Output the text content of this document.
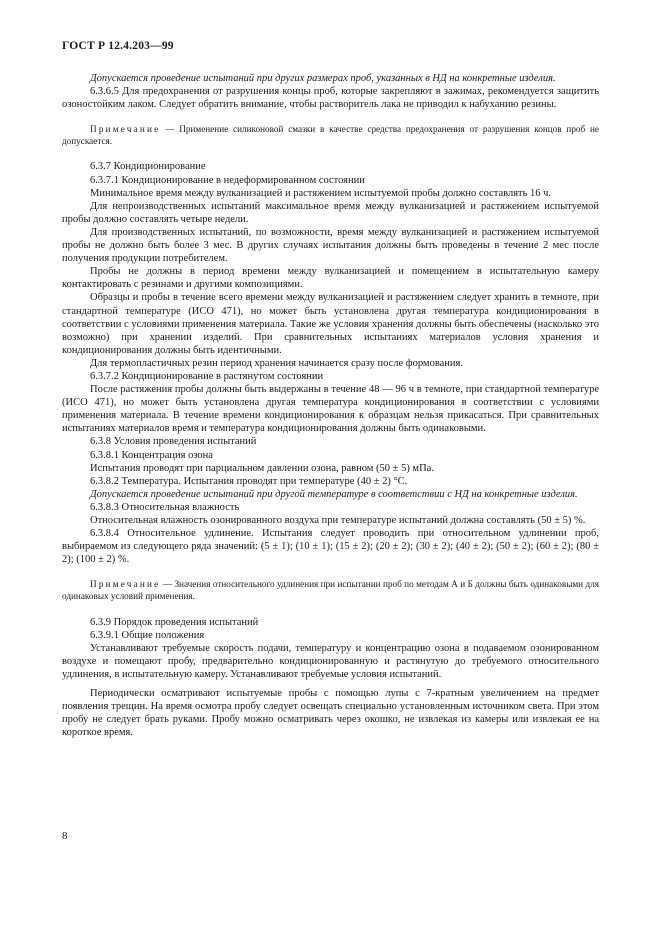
ГОСТ Р 12.4.203—99

Допускается проведение испытаний при других размерах проб, указанных в НД на конкретные изделия.

6.3.6.5 Для предохранения от разрушения концы проб, которые закрепляют в зажимах, рекомендуется защитить озоностойким лаком. Следует обратить внимание, чтобы растворитель лака не приводил к набуханию резины.

Примечание — Применение силиконовой смазки в качестве средства предохранения от разрушения концов проб не допускается.

6.3.7 Кондиционирование

6.3.7.1 Кондиционирование в недеформированном состоянии

Минимальное время между вулканизацией и растяжением испытуемой пробы должно составлять 16 ч.

Для непроизводственных испытаний максимальное время между вулканизацией и растяжением испытуемой пробы должно составлять четыре недели.

Для производственных испытаний, по возможности, время между вулканизацией и растяжением испытуемой пробы не должно быть более 3 мес. В других случаях испытания должны быть проведены в течение 2 мес после получения продукции потребителем.

Пробы не должны в период времени между вулканизацией и помещением в испытательную камеру контактировать с резинами и другими композициями.

Образцы и пробы в течение всего времени между вулканизацией и растяжением следует хранить в темноте, при стандартной температуре (ИСО 471), но может быть установлена другая температура кондиционирования в соответствии с условиями применения материала. Такие же условия хранения должны быть обеспечены (насколько это возможно) при хранении изделий. При сравнительных испытаниях материалов условия хранения и кондиционирования должны быть идентичными.

Для термопластичных резин период хранения начинается сразу после формования.

6.3.7.2 Кондиционирование в растянутом состоянии

После растяжения пробы должны быть выдержаны в течение 48 — 96 ч в темноте, при стандартной температуре (ИСО 471), но может быть установлена другая температура кондиционирования в соответствии с условиями применения материала. В течение времени кондиционирования к образцам нельзя прикасаться. При сравнительных испытаниях материалов время и температура кондиционирования должны быть одинаковыми.

6.3.8 Условия проведения испытаний

6.3.8.1 Концентрация озона

Испытания проводят при парциальном давлении озона, равном (50 ± 5) мПа.

6.3.8.2 Температура. Испытания проводят при температуре (40 ± 2) °С.

Допускается проведение испытаний при другой температуре в соответствии с НД на конкретные изделия.

6.3.8.3 Относительная влажность

Относительная влажность озонированного воздуха при температуре испытаний должна составлять (50 ± 5) %.

6.3.8.4 Относительное удлинение. Испытания следует проводить при относительном удлинении проб, выбираемом из следующего ряда значений: (5 ± 1); (10 ± 1); (15 ± 2); (20 ± 2); (30 ± 2); (40 ± 2); (50 ± 2); (60 ± 2); (80 ± 2); (100 ± 2) %.

Примечание — Значения относительного удлинения при испытании проб по методам А и Б должны быть одинаковыми для одинаковых условий применения.

6.3.9 Порядок проведения испытаний

6.3.9.1 Общие положения

Устанавливают требуемые скорость подачи, температуру и концентрацию озона в подаваемом озонированном воздухе и помещают пробу, предварительно кондиционированную и растянутую до требуемого относительного удлинения, в испытательную камеру. Устанавливают требуемые условия испытаний.

Периодически осматривают испытуемые пробы с помощью лупы с 7-кратным увеличением на предмет появления трещин. На время осмотра пробу следует освещать специально установленным источником света. При этом пробу не следует брать руками. Пробу можно осматривать через окошко, не извлекая из камеры или извлекая ее на короткое время.

8
